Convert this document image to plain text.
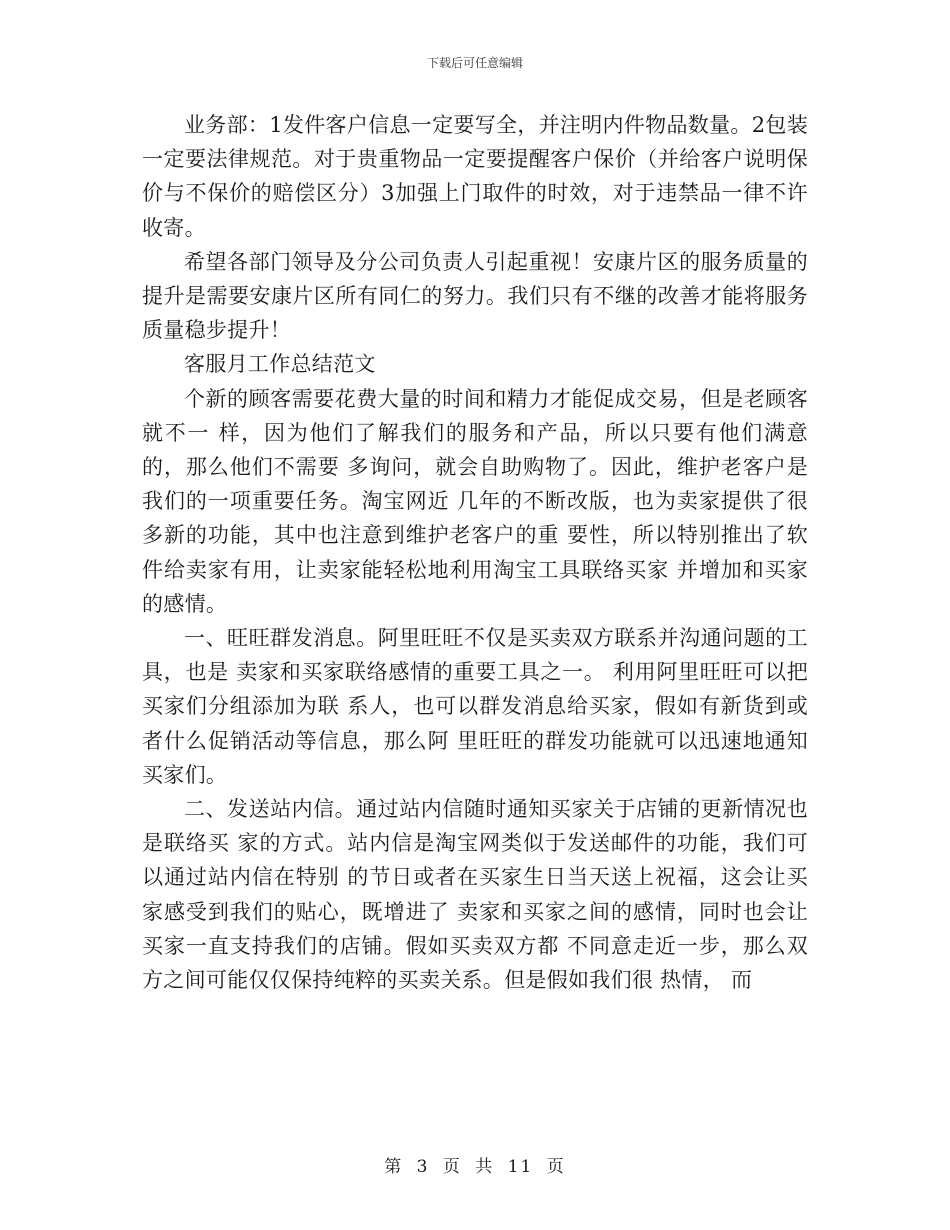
下载后可任意编辑

业务部：1发件客户信息一定要写全，并注明内件物品数量。2包装一定要法律规范。对于贵重物品一定要提醒客户保价（并给客户说明保价与不保价的赔偿区分）3加强上门取件的时效，对于违禁品一律不许收寄。

希望各部门领导及分公司负责人引起重视！安康片区的服务质量的提升是需要安康片区所有同仁的努力。我们只有不继的改善才能将服务质量稳步提升！

客服月工作总结范文

个新的顾客需要花费大量的时间和精力才能促成交易，但是老顾客就不一 样，因为他们了解我们的服务和产品，所以只要有他们满意的，那么他们不需要 多询问，就会自助购物了。因此，维护老客户是我们的一项重要任务。淘宝网近 几年的不断改版，也为卖家提供了很多新的功能，其中也注意到维护老客户的重 要性，所以特别推出了软件给卖家有用，让卖家能轻松地利用淘宝工具联络买家 并增加和买家的感情。

一、旺旺群发消息。阿里旺旺不仅是买卖双方联系并沟通问题的工具，也是 卖家和买家联络感情的重要工具之一。 利用阿里旺旺可以把买家们分组添加为联 系人，也可以群发消息给买家，假如有新货到或者什么促销活动等信息，那么阿 里旺旺的群发功能就可以迅速地通知买家们。

二、发送站内信。通过站内信随时通知买家关于店铺的更新情况也是联络买 家的方式。站内信是淘宝网类似于发送邮件的功能，我们可以通过站内信在特别 的节日或者在买家生日当天送上祝福，这会让买家感受到我们的贴心，既增进了 卖家和买家之间的感情，同时也会让买家一直支持我们的店铺。假如买卖双方都 不同意走近一步，那么双方之间可能仅仅保持纯粹的买卖关系。但是假如我们很 热情， 而

第 3 页 共 11 页
